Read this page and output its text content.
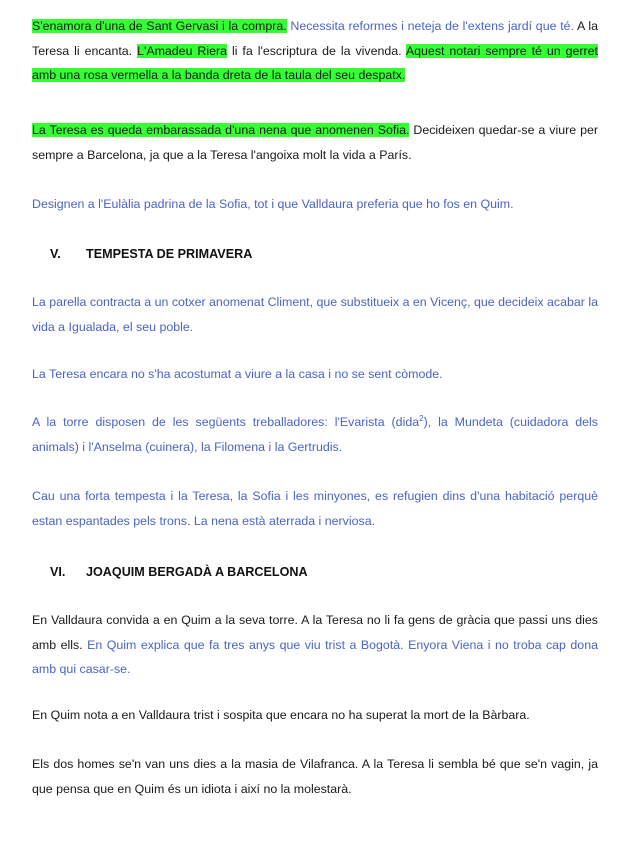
S'enamora d'una de Sant Gervasi i la compra. Necessita reformes i neteja de l'extens jardí que té. A la Teresa li encanta. L'Amadeu Riera li fa l'escriptura de la vivenda. Aquest notari sempre té un gerret amb una rosa vermella a la banda dreta de la taula del seu despatx.

La Teresa es queda embarassada d'una nena que anomenen Sofia. Decideixen quedar-se a viure per sempre a Barcelona, ja que a la Teresa l'angoixa molt la vida a París.

Designen a l'Eulàlia padrina de la Sofia, tot i que Valldaura preferia que ho fos en Quim.

V. TEMPESTA DE PRIMAVERA

La parella contracta a un cotxer anomenat Climent, que substitueix a en Vicenç, que decideix acabar la vida a Igualada, el seu poble.

La Teresa encara no s'ha acostumat a viure a la casa i no se sent còmode.

A la torre disposen de les següents treballadores: l'Evarista (dida$^2$), la Mundeta (cuidadora dels animals) i l'Anselma (cuinera), la Filomena i la Gertrudis.

Cau una forta tempesta i la Teresa, la Sofia i les minyones, es refugien dins d'una habitació perquè estan espantades pels trons. La nena està aterrada i nerviosa.

VI. JOAQUIM BERGADÀ A BARCELONA

En Valldaura convida a en Quim a la seva torre. A la Teresa no li fa gens de gràcia que passi uns dies amb ells. En Quim explica que fa tres anys que viu trist a Bogotà. Enyora Viena i no troba cap dona amb qui casar-se.

En Quim nota a en Valldaura trist i sospita que encara no ha superat la mort de la Bàrbara.

Els dos homes se'n van uns dies a la masia de Vilafranca. A la Teresa li sembla bé que se'n vagin, ja que pensa que en Quim és un idiota i així no la molestarà.
